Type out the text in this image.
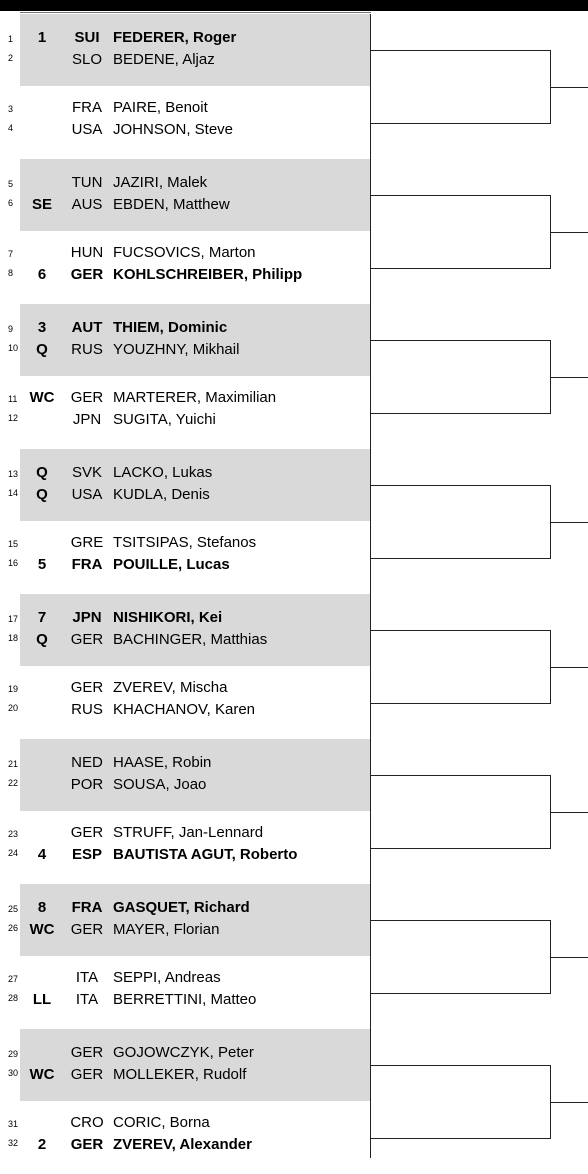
1	1	SUI FEDERER, Roger
2	SLO BEDENE, Aljaz
3	FRA PAIRE, Benoit
4	USA JOHNSON, Steve
5	TUN JAZIRI, Malek
6	SE	AUS EBDEN, Matthew
7	HUN FUCSOVICS, Marton
8	6	GER KOHLSCHREIBER, Philipp
9	3	AUT THIEM, Dominic
10	Q	RUS YOUZHNY, Mikhail
11 WC GER MARTERER, Maximilian
12	JPN SUGITA, Yuichi
13	Q	SVK LACKO, Lukas
14	Q	USA KUDLA, Denis
15	GRE TSITSIPAS, Stefanos
16	5	FRA POUILLE, Lucas
17	7	JPN NISHIKORI, Kei
18	Q	GER BACHINGER, Matthias
19	GER ZVEREV, Mischa
20	RUS KHACHANOV, Karen
21	NED HAASE, Robin
22	POR SOUSA, Joao
23	GER STRUFF, Jan-Lennard
24	4	ESP BAUTISTA AGUT, Roberto
25	8	FRA GASQUET, Richard
26 WC GER MAYER, Florian
27	ITA SEPPI, Andreas
28 LL	ITA BERRETTINI, Matteo
29	GER GOJOWCZYK, Peter
30 WC GER MOLLEKER, Rudolf
31	CRO CORIC, Borna
32	2	GER ZVEREV, Alexander
